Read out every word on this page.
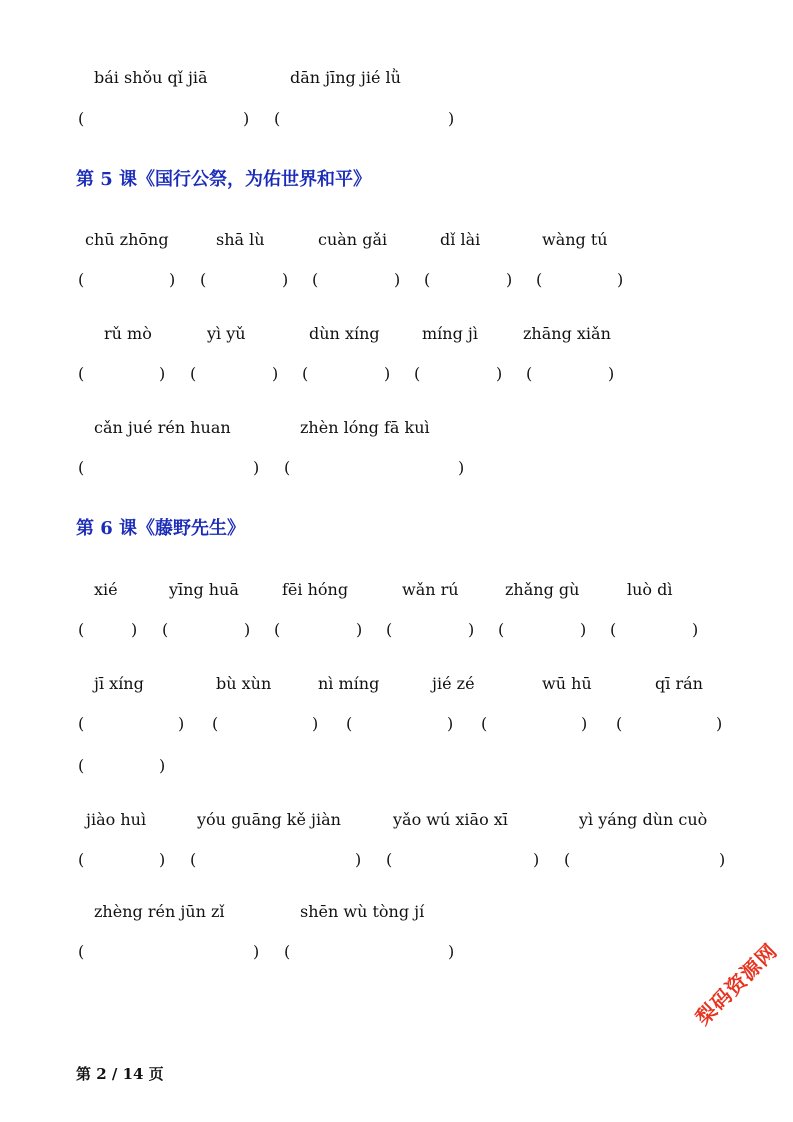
bái shǒu qǐ jiā	dān jīng jié lǜ
(	) (	)
第 5 课《国行公祭，为佑世界和平》
chū zhōng	shā lù	cuàn gǎi	dǐ lài	wàng tú
(	) (	) (	) (	) (	)
rǔ mò	yì yǔ	dùn xíng	míng jì	zhāng xiǎn
(	) (	) (	) (	) (	)
cǎn jué rén huan	zhèn lóng fā kuì
(	) (	)
第 6 课《藤野先生》
xié	yīng huā	fēi hóng	wǎn rú	zhǎng gù	luò dì
(	) (	) (	) (	) (	) (	)
jī xíng	bù xùn	nì míng	jié zé	wū hū	qī rán
(	) (	) (	) (	) (	)
(	)
jiào huì	yóu guāng kě jiàn	yǎo wú xiāo xī	yì yáng dùn cuò
(	) (	) (	) (	)
zhèng rén jūn zǐ	shēn wù tòng jí
(	) (	)	梨码资源网
第 2 / 14 页
